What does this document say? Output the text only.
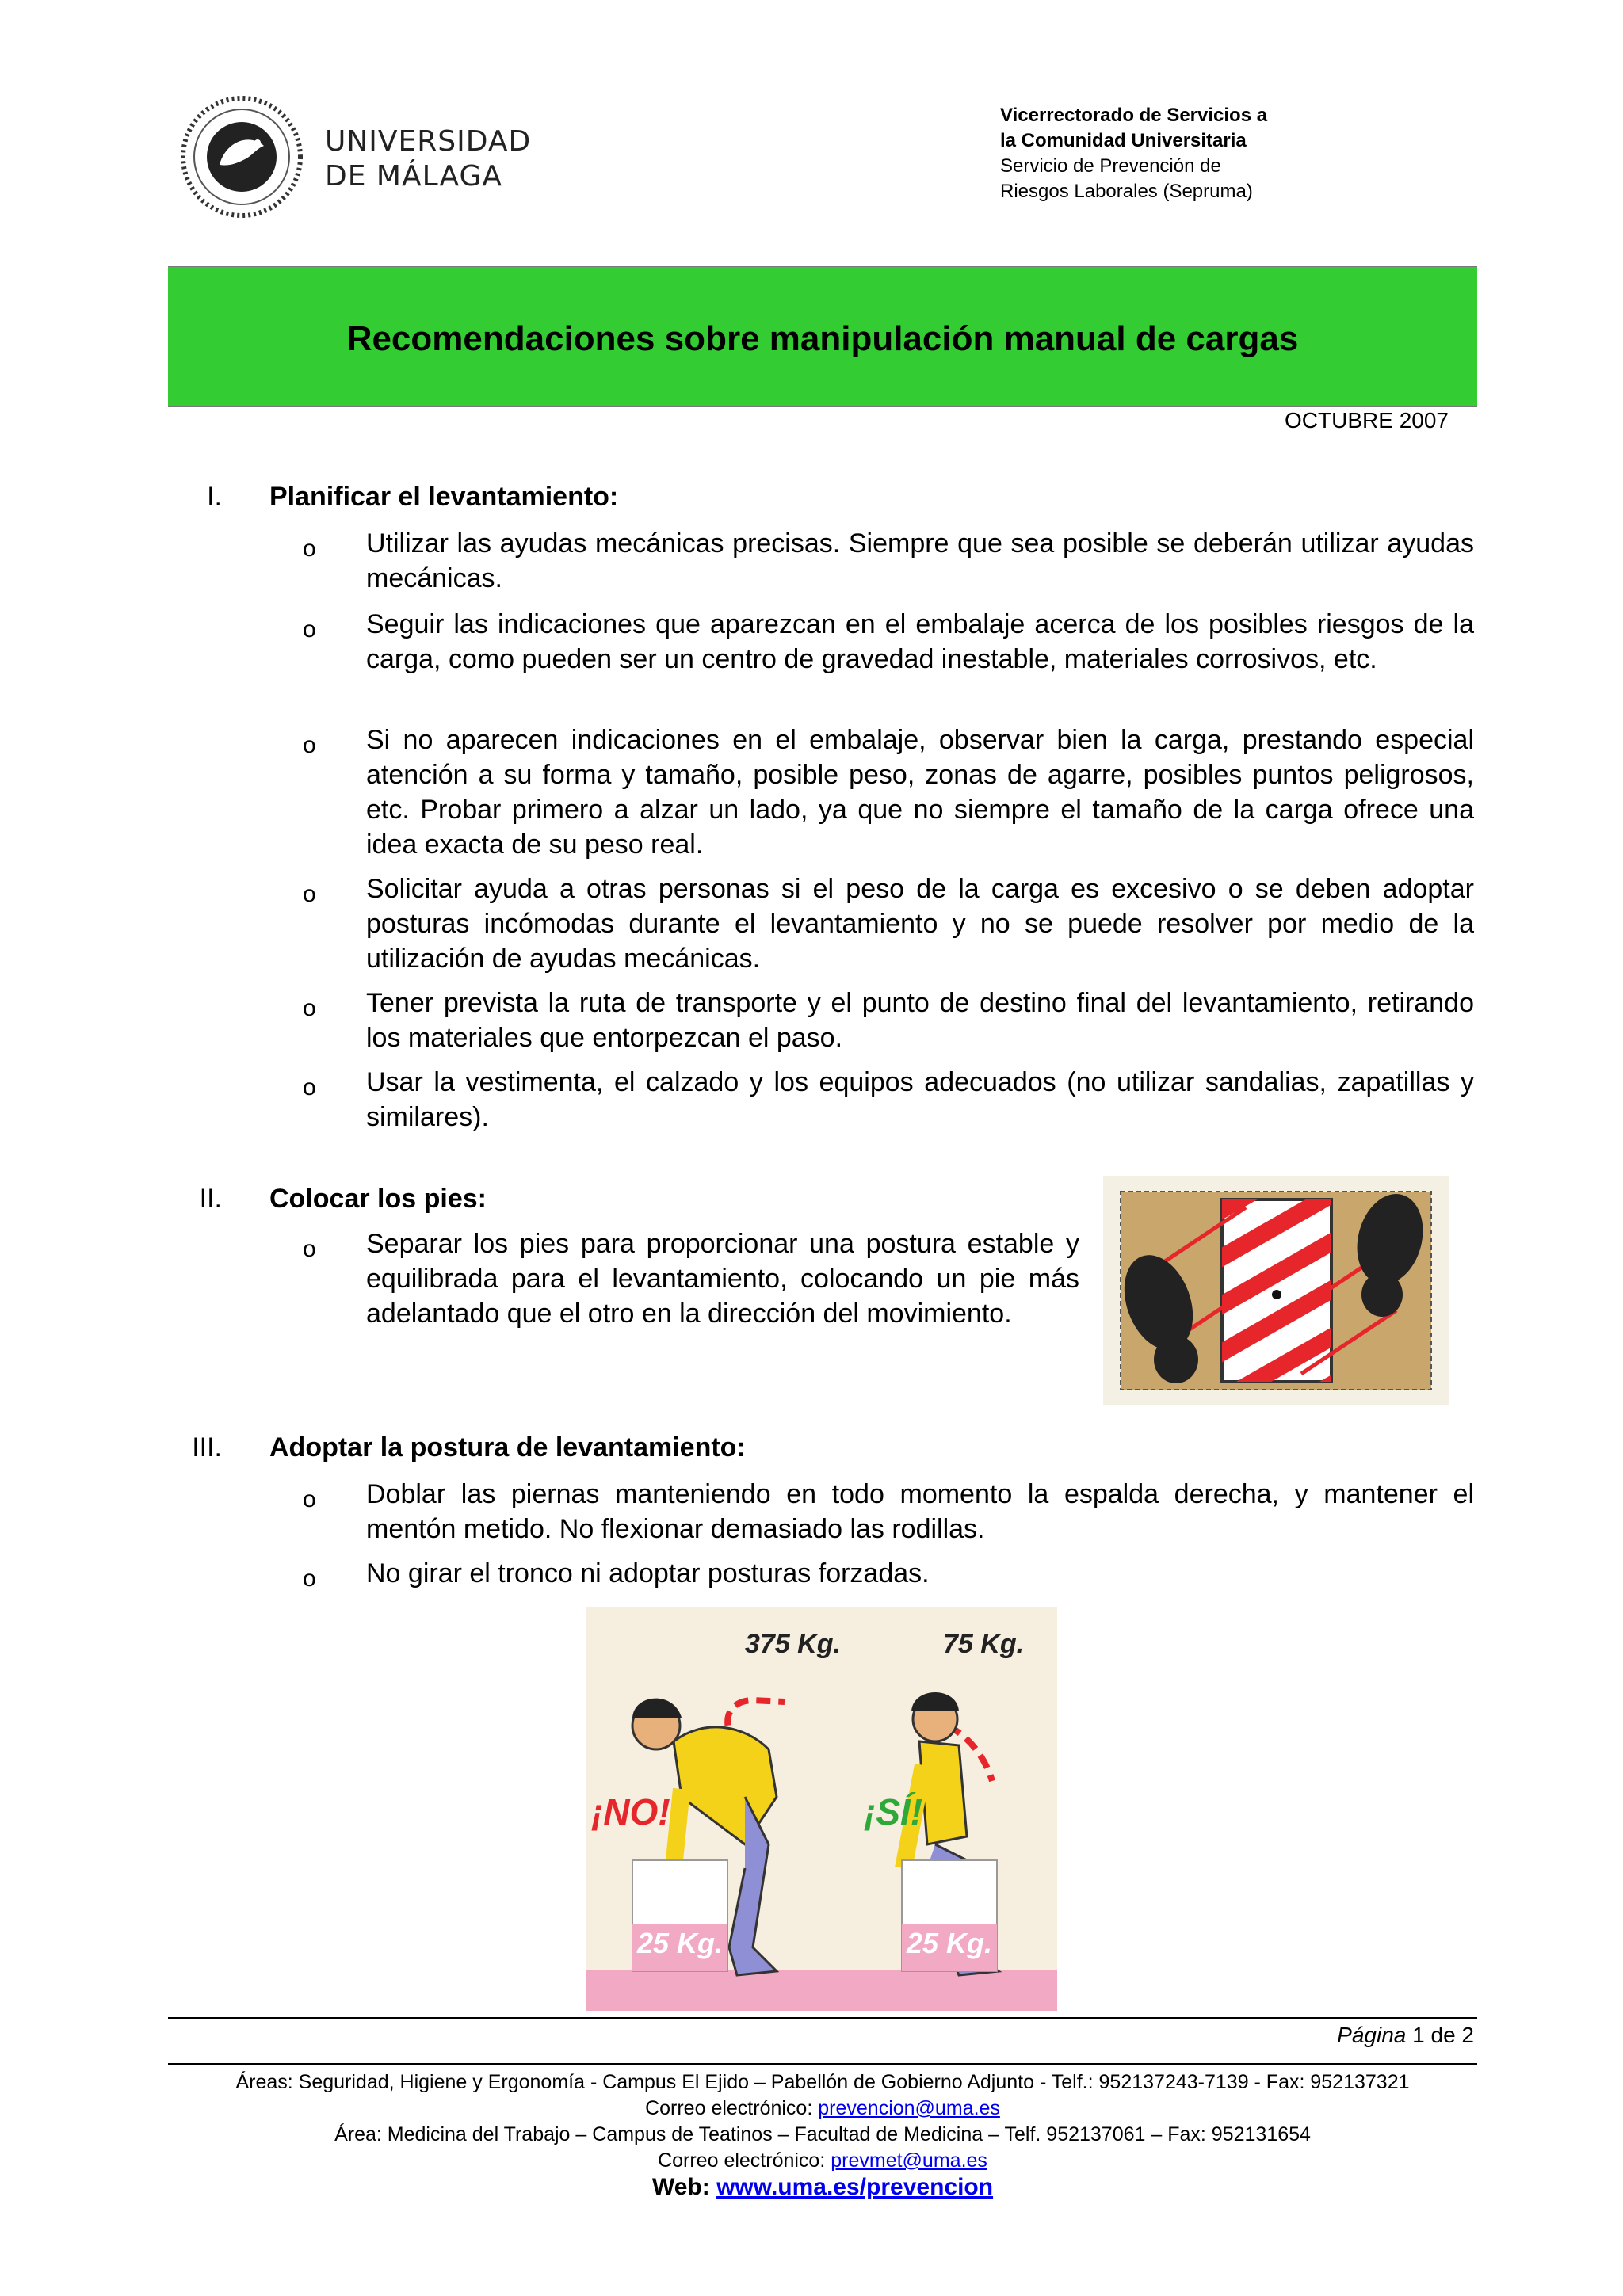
UNIVERSIDAD
DE MÁLAGA
Vicerrectorado de Servicios a
la Comunidad Universitaria
Servicio de Prevención de
Riesgos Laborales (Sepruma)
Recomendaciones sobre manipulación manual de cargas
OCTUBRE 2007
I. Planificar el levantamiento:
o Utilizar las ayudas mecánicas precisas. Siempre que sea posible se deberán utilizar ayudas mecánicas.
o Seguir las indicaciones que aparezcan en el embalaje acerca de los posibles riesgos de la carga, como pueden ser un centro de gravedad inestable, materiales corrosivos, etc.
o Si no aparecen indicaciones en el embalaje, observar bien la carga, prestando especial atención a su forma y tamaño, posible peso, zonas de agarre, posibles puntos peligrosos, etc. Probar primero a alzar un lado, ya que no siempre el tamaño de la carga ofrece una idea exacta de su peso real.
o Solicitar ayuda a otras personas si el peso de la carga es excesivo o se deben adoptar posturas incómodas durante el levantamiento y no se puede resolver por medio de la utilización de ayudas mecánicas.
o Tener prevista la ruta de transporte y el punto de destino final del levantamiento, retirando los materiales que entorpezcan el paso.
o Usar la vestimenta, el calzado y los equipos adecuados (no utilizar sandalias, zapatillas y similares).
II. Colocar los pies:
o Separar los pies para proporcionar una postura estable y equilibrada para el levantamiento, colocando un pie más adelantado que el otro en la dirección del movimiento.
III. Adoptar la postura de levantamiento:
o Doblar las piernas manteniendo en todo momento la espalda derecha, y mantener el mentón metido. No flexionar demasiado las rodillas.
o No girar el tronco ni adoptar posturas forzadas.
375 Kg.	75 Kg.
¡NO!	¡SÍ!
25 Kg.	25 Kg.
Página 1 de 2
Áreas: Seguridad, Higiene y Ergonomía - Campus El Ejido – Pabellón de Gobierno Adjunto - Telf.: 952137243-7139 - Fax: 952137321
Correo electrónico: prevencion@uma.es
Área: Medicina del Trabajo – Campus de Teatinos – Facultad de Medicina – Telf. 952137061 – Fax: 952131654
Correo electrónico: prevmet@uma.es
Web: www.uma.es/prevencion
